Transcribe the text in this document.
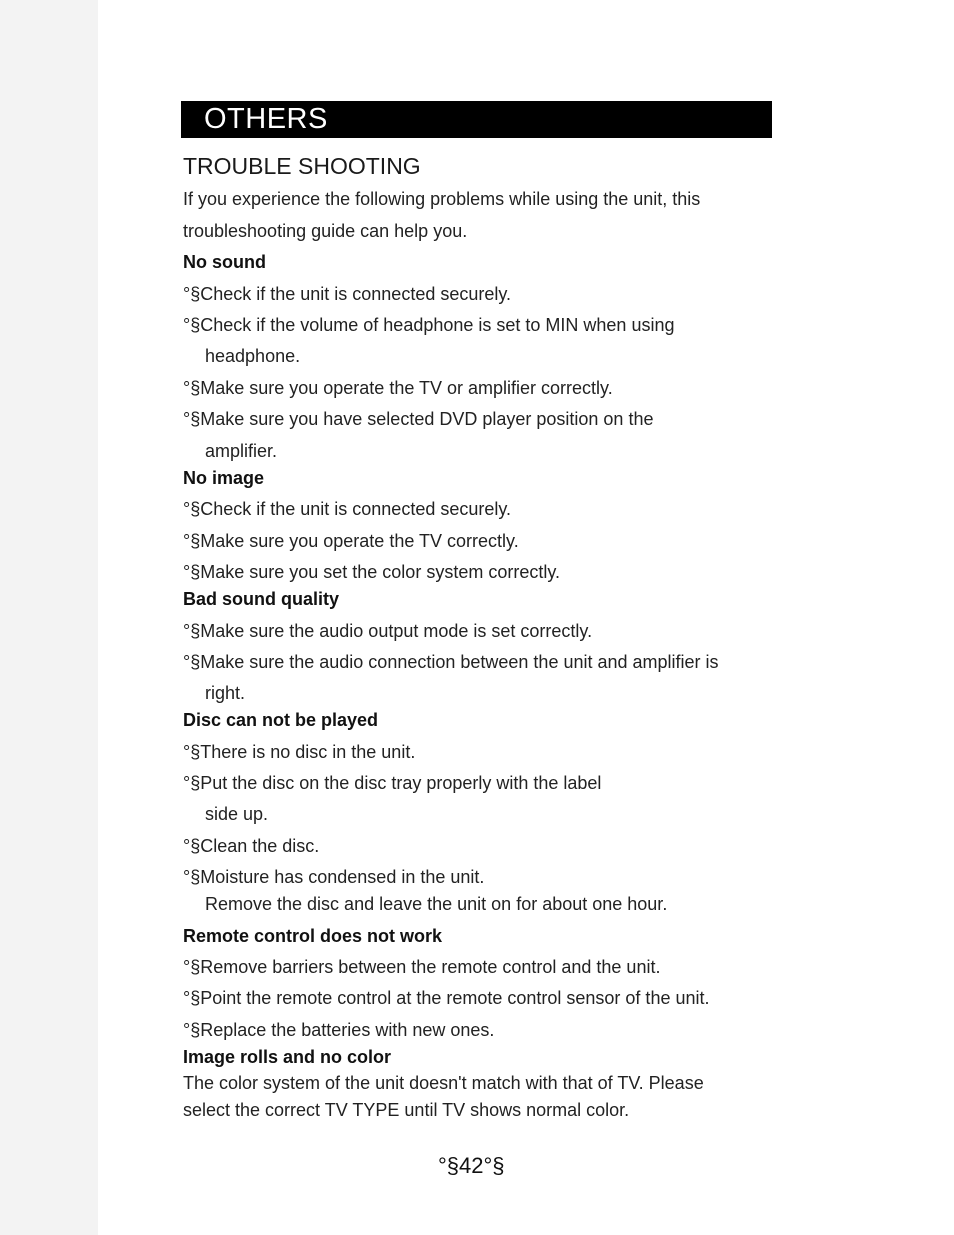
OTHERS
TROUBLE SHOOTING
If you experience the following problems while using the unit, this
troubleshooting guide can help you.
No sound
°§Check if the unit is connected securely.
°§Check if the volume of headphone is set to MIN when using
headphone.
°§Make sure you operate the TV or amplifier correctly.
°§Make sure you have selected DVD player position on the
amplifier.
No image
°§Check if the unit is connected securely.
°§Make sure you operate the TV correctly.
°§Make sure you set the color system correctly.
Bad sound quality
°§Make sure the audio output mode is set correctly.
°§Make sure the audio connection between the unit and amplifier is
right.
Disc can not be played
°§There is no disc in the unit.
°§Put the disc on the disc tray properly with the label
side up.
°§Clean the disc.
°§Moisture has condensed in the unit.
Remove the disc and leave the unit on for about one hour.
Remote control does not work
°§Remove barriers between the remote control and the unit.
°§Point the remote control at the remote control sensor of the unit.
°§Replace the batteries with new ones.
Image rolls and no color
The color system of the unit doesn't match with that of TV. Please
select the correct TV TYPE until TV shows normal color.
°§42°§
